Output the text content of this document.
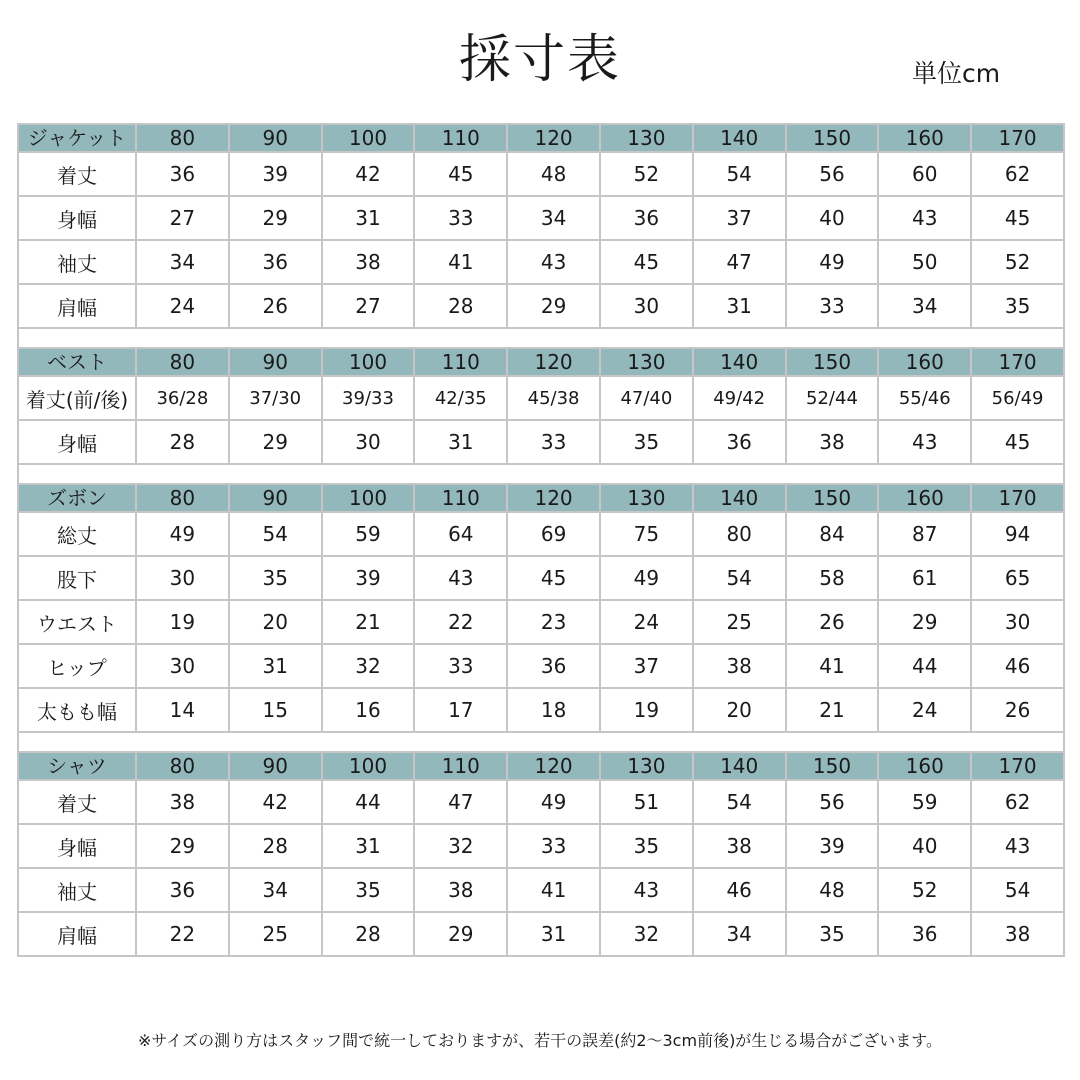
採寸表	単位cm
ジャケット	80	90	100	110	120	130	140	150	160	170
着丈	36	39	42	45	48	52	54	56	60	62
身幅	27	29	31	33	34	36	37	40	43	45
袖丈	34	36	38	41	43	45	47	49	50	52
肩幅	24	26	27	28	29	30	31	33	34	35

ベスト	80	90	100	110	120	130	140	150	160	170
着丈(前/後)	36/28	37/30	39/33	42/35	45/38	47/40	49/42	52/44	55/46	56/49
身幅	28	29	30	31	33	35	36	38	43	45

ズボン	80	90	100	110	120	130	140	150	160	170
総丈	49	54	59	64	69	75	80	84	87	94
股下	30	35	39	43	45	49	54	58	61	65
ウエスト	19	20	21	22	23	24	25	26	29	30
ヒップ	30	31	32	33	36	37	38	41	44	46
太もも幅	14	15	16	17	18	19	20	21	24	26

シャツ	80	90	100	110	120	130	140	150	160	170
着丈	38	42	44	47	49	51	54	56	59	62
身幅	29	28	31	32	33	35	38	39	40	43
袖丈	36	34	35	38	41	43	46	48	52	54
肩幅	22	25	28	29	31	32	34	35	36	38
※サイズの測り方はスタッフ間で統一しておりますが、若干の誤差(約2〜3cm前後)が生じる場合がございます。
